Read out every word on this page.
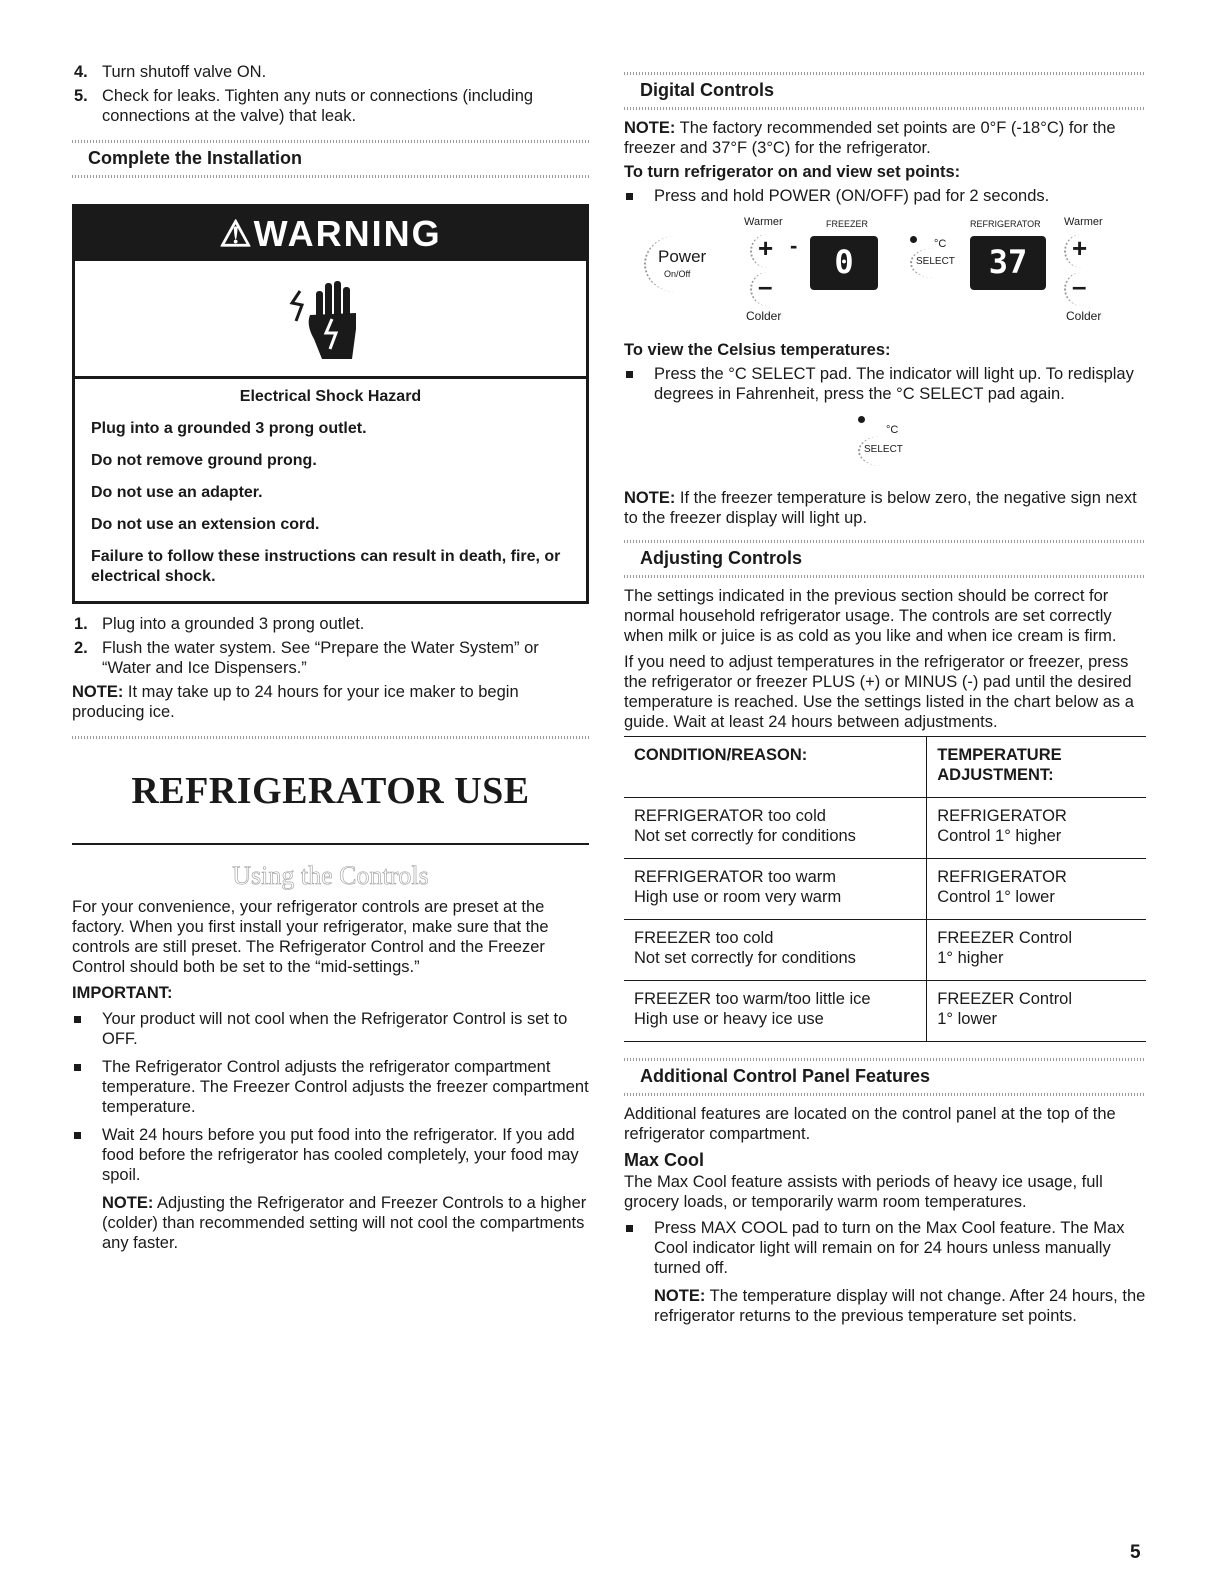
4. Turn shutoff valve ON.
5. Check for leaks. Tighten any nuts or connections (including connections at the valve) that leak.
Complete the Installation
⚠WARNING

Electrical Shock Hazard

Plug into a grounded 3 prong outlet.

Do not remove ground prong.

Do not use an adapter.

Do not use an extension cord.

Failure to follow these instructions can result in death, fire, or electrical shock.

1. Plug into a grounded 3 prong outlet.
2. Flush the water system. See “Prepare the Water System” or “Water and Ice Dispensers.”

NOTE: It may take up to 24 hours for your ice maker to begin producing ice.

REFRIGERATOR USE
Using the Controls

For your convenience, your refrigerator controls are preset at the factory. When you first install your refrigerator, make sure that the controls are still preset. The Refrigerator Control and the Freezer Control should both be set to the “mid-settings.”

IMPORTANT:

Your product will not cool when the Refrigerator Control is set to OFF.
The Refrigerator Control adjusts the refrigerator compartment temperature. The Freezer Control adjusts the freezer compartment temperature.
Wait 24 hours before you put food into the refrigerator. If you add food before the refrigerator has cooled completely, your food may spoil.

NOTE: Adjusting the Refrigerator and Freezer Controls to a higher (colder) than recommended setting will not cool the compartments any faster.

Digital Controls

NOTE: The factory recommended set points are 0°F (-18°C) for the freezer and 37°F (3°C) for the refrigerator.

To turn refrigerator on and view set points:

Press and hold POWER (ON/OFF) pad for 2 seconds.
Warmer	FREEZER	REFRIGERATOR Warmer
Power
On/Off
+
–
-	0	°C
SELECT	37	+
–
Colder	Colder

To view the Celsius temperatures:

Press the °C SELECT pad. The indicator will light up. To redisplay degrees in Fahrenheit, press the °C SELECT pad again.
°C
SELECT

NOTE: If the freezer temperature is below zero, the negative sign next to the freezer display will light up.

Adjusting Controls

The settings indicated in the previous section should be correct for normal household refrigerator usage. The controls are set correctly when milk or juice is as cold as you like and when ice cream is firm.

If you need to adjust temperatures in the refrigerator or freezer, press the refrigerator or freezer PLUS (+) or MINUS (-) pad until the desired temperature is reached. Use the settings listed in the chart below as a guide. Wait at least 24 hours between adjustments.

CONDITION/REASON:	TEMPERATURE
ADJUSTMENT:
REFRIGERATOR too cold
Not set correctly for conditions	REFRIGERATOR
Control 1° higher
REFRIGERATOR too warm
High use or room very warm	REFRIGERATOR
Control 1° lower
FREEZER too cold
Not set correctly for conditions	FREEZER Control
1° higher
FREEZER too warm/too little ice
High use or heavy ice use	FREEZER Control
1° lower
Additional Control Panel Features

Additional features are located on the control panel at the top of the refrigerator compartment.

Max Cool

The Max Cool feature assists with periods of heavy ice usage, full grocery loads, or temporarily warm room temperatures.

Press MAX COOL pad to turn on the Max Cool feature. The Max Cool indicator light will remain on for 24 hours unless manually turned off.

NOTE: The temperature display will not change. After 24 hours, the refrigerator returns to the previous temperature set points.

5
